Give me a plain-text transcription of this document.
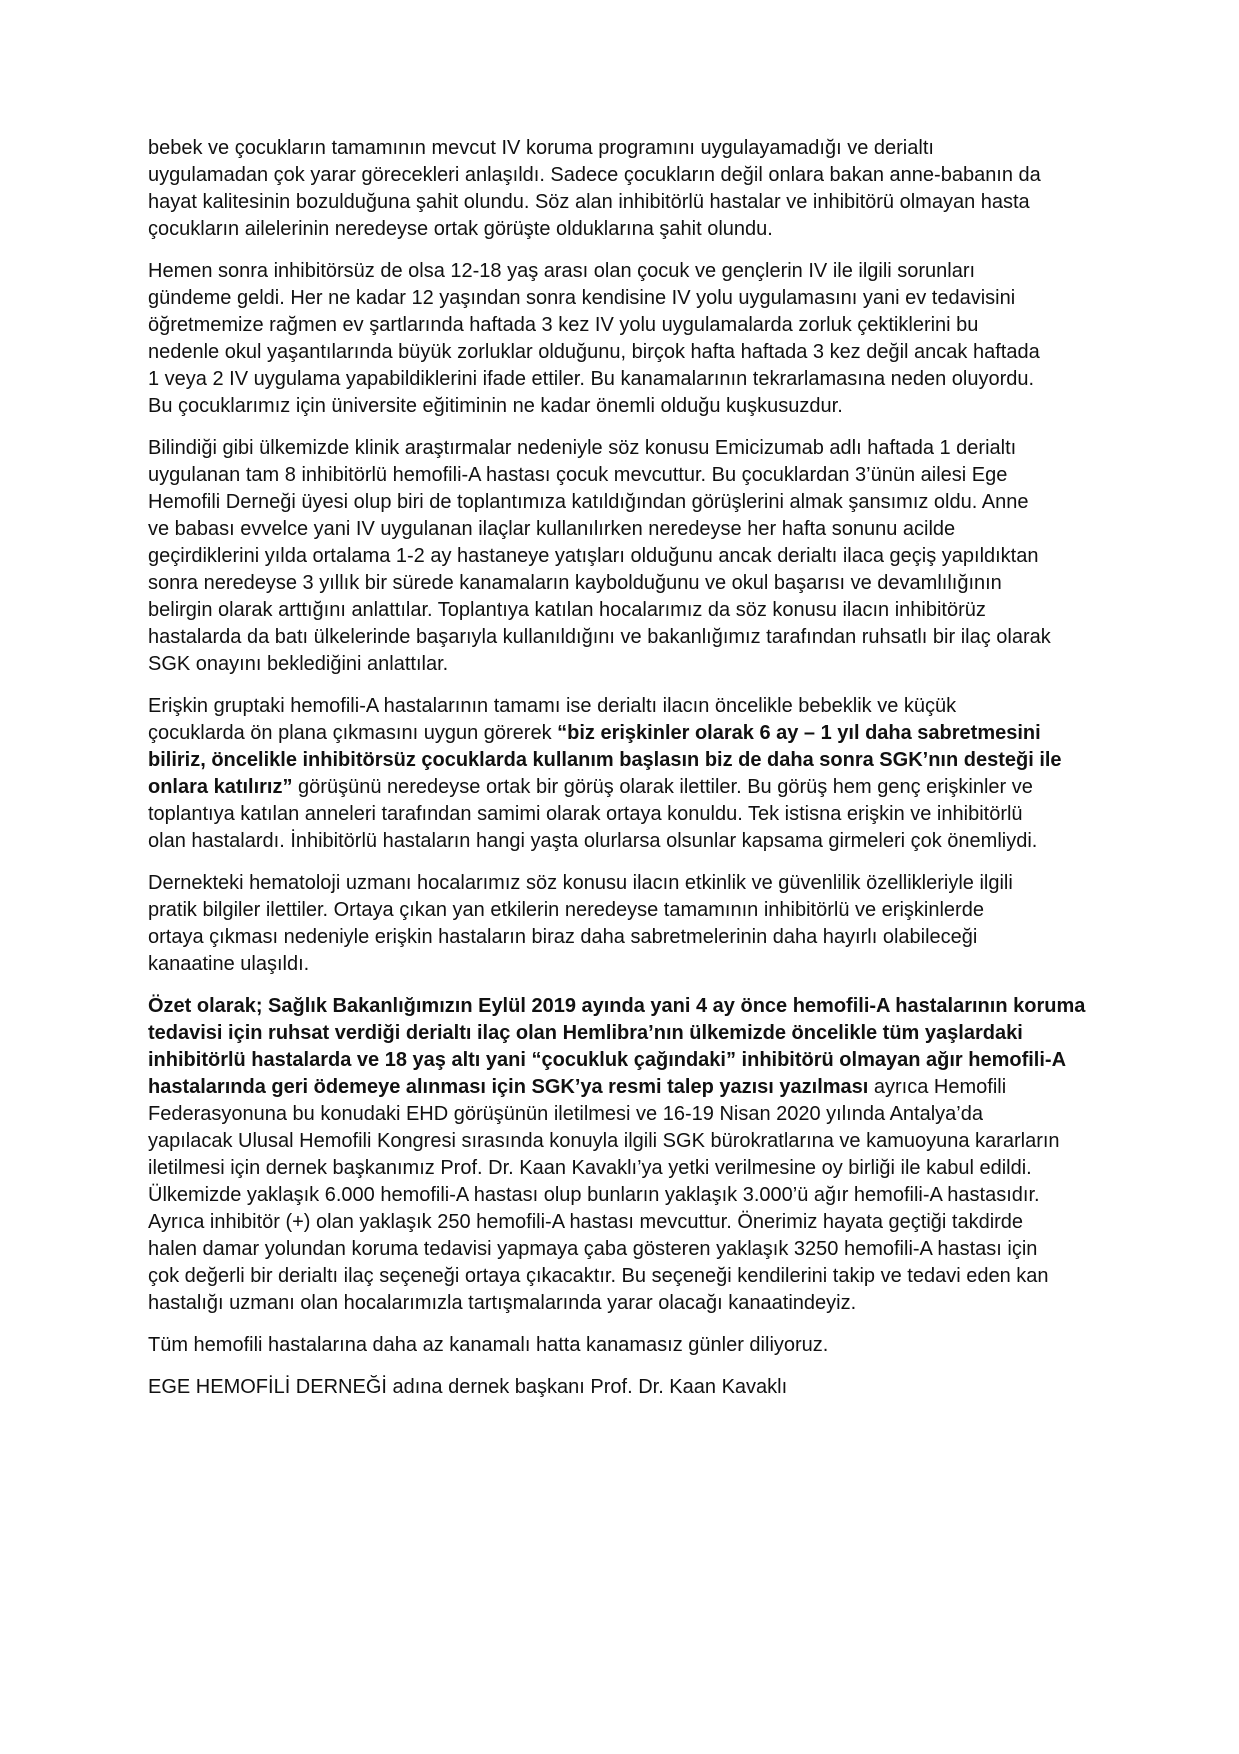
bebek ve çocukların tamamının mevcut IV koruma programını uygulayamadığı ve derialtı
uygulamadan çok yarar görecekleri anlaşıldı. Sadece çocukların değil onlara bakan anne-babanın da
hayat kalitesinin bozulduğuna şahit olundu. Söz alan inhibitörlü hastalar ve inhibitörü olmayan hasta
çocukların ailelerinin neredeyse ortak görüşte olduklarına şahit olundu.
Hemen sonra inhibitörsüz de olsa 12-18 yaş arası olan çocuk ve gençlerin IV ile ilgili sorunları
gündeme geldi. Her ne kadar 12 yaşından sonra kendisine IV yolu uygulamasını yani ev tedavisini
öğretmemize rağmen ev şartlarında haftada 3 kez IV yolu uygulamalarda zorluk çektiklerini bu
nedenle okul yaşantılarında büyük zorluklar olduğunu, birçok hafta haftada 3 kez değil ancak haftada
1 veya 2 IV uygulama yapabildiklerini ifade ettiler. Bu kanamalarının tekrarlamasına neden oluyordu.
Bu çocuklarımız için üniversite eğitiminin ne kadar önemli olduğu kuşkusuzdur.
Bilindiği gibi ülkemizde klinik araştırmalar nedeniyle söz konusu Emicizumab adlı haftada 1 derialtı
uygulanan tam 8 inhibitörlü hemofili-A hastası çocuk mevcuttur. Bu çocuklardan 3’ünün ailesi Ege
Hemofili Derneği üyesi olup biri de toplantımıza katıldığından görüşlerini almak şansımız oldu. Anne
ve babası evvelce yani IV uygulanan ilaçlar kullanılırken neredeyse her hafta sonunu acilde
geçirdiklerini yılda ortalama 1-2 ay hastaneye yatışları olduğunu ancak derialtı ilaca geçiş yapıldıktan
sonra neredeyse 3 yıllık bir sürede kanamaların kaybolduğunu ve okul başarısı ve devamlılığının
belirgin olarak arttığını anlattılar. Toplantıya katılan hocalarımız da söz konusu ilacın inhibitörüz
hastalarda da batı ülkelerinde başarıyla kullanıldığını ve bakanlığımız tarafından ruhsatlı bir ilaç olarak
SGK onayını beklediğini anlattılar.
Erişkin gruptaki hemofili-A hastalarının tamamı ise derialtı ilacın öncelikle bebeklik ve küçük
çocuklarda ön plana çıkmasını uygun görerek “biz erişkinler olarak 6 ay – 1 yıl daha sabretmesini
biliriz, öncelikle inhibitörsüz çocuklarda kullanım başlasın biz de daha sonra SGK’nın desteği ile
onlara katılırız” görüşünü neredeyse ortak bir görüş olarak ilettiler. Bu görüş hem genç erişkinler ve
toplantıya katılan anneleri tarafından samimi olarak ortaya konuldu. Tek istisna erişkin ve inhibitörlü
olan hastalardı. İnhibitörlü hastaların hangi yaşta olurlarsa olsunlar kapsama girmeleri çok önemliydi.
Dernekteki hematoloji uzmanı hocalarımız söz konusu ilacın etkinlik ve güvenlilik özellikleriyle ilgili
pratik bilgiler ilettiler. Ortaya çıkan yan etkilerin neredeyse tamamının inhibitörlü ve erişkinlerde
ortaya çıkması nedeniyle erişkin hastaların biraz daha sabretmelerinin daha hayırlı olabileceği
kanaatine ulaşıldı.
Özet olarak; Sağlık Bakanlığımızın Eylül 2019 ayında yani 4 ay önce hemofili-A hastalarının koruma
tedavisi için ruhsat verdiği derialtı ilaç olan Hemlibra’nın ülkemizde öncelikle tüm yaşlardaki
inhibitörlü hastalarda ve 18 yaş altı yani “çocukluk çağındaki” inhibitörü olmayan ağır hemofili-A
hastalarında geri ödemeye alınması için SGK’ya resmi talep yazısı yazılması ayrıca Hemofili
Federasyonuna bu konudaki EHD görüşünün iletilmesi ve 16-19 Nisan 2020 yılında Antalya’da
yapılacak Ulusal Hemofili Kongresi sırasında konuyla ilgili SGK bürokratlarına ve kamuoyuna kararların
iletilmesi için dernek başkanımız Prof. Dr. Kaan Kavaklı’ya yetki verilmesine oy birliği ile kabul edildi.
Ülkemizde yaklaşık 6.000 hemofili-A hastası olup bunların yaklaşık 3.000’ü ağır hemofili-A hastasıdır.
Ayrıca inhibitör (+) olan yaklaşık 250 hemofili-A hastası mevcuttur. Önerimiz hayata geçtiği takdirde
halen damar yolundan koruma tedavisi yapmaya çaba gösteren yaklaşık 3250 hemofili-A hastası için
çok değerli bir derialtı ilaç seçeneği ortaya çıkacaktır. Bu seçeneği kendilerini takip ve tedavi eden kan
hastalığı uzmanı olan hocalarımızla tartışmalarında yarar olacağı kanaatindeyiz.
Tüm hemofili hastalarına daha az kanamalı hatta kanamasız günler diliyoruz.
EGE HEMOFİLİ DERNEĞİ adına dernek başkanı Prof. Dr. Kaan Kavaklı
